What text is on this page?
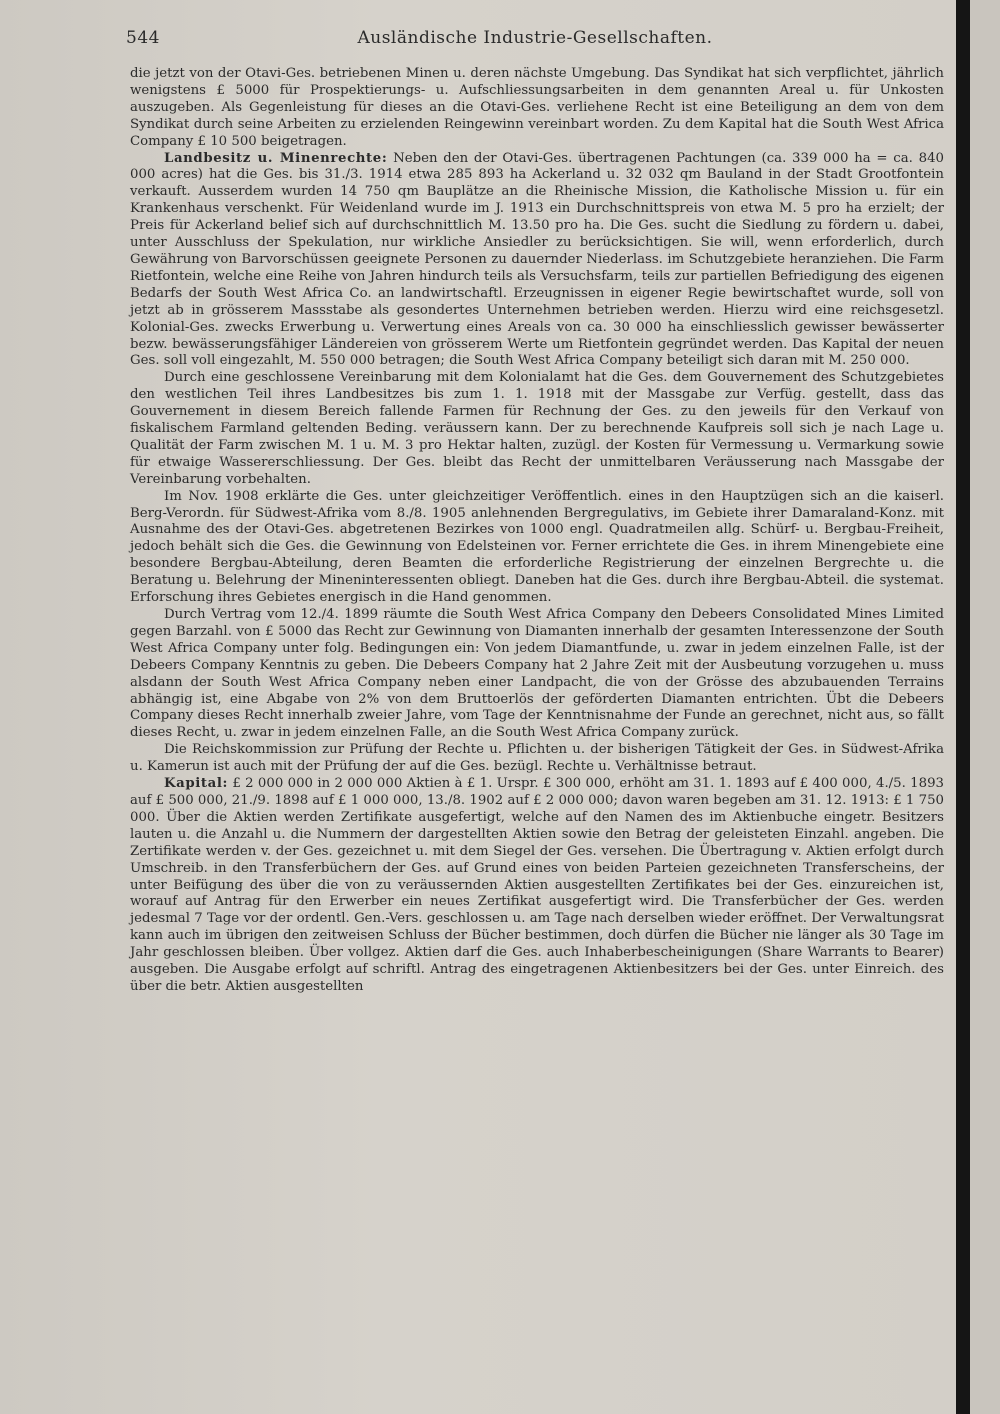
544	Ausländische Industrie-Gesellschaften.

die jetzt von der Otavi-Ges. betriebenen Minen u. deren nächste Umgebung. Das Syndikat hat sich verpflichtet, jährlich wenigstens £ 5000 für Prospektierungs- u. Aufschliessungsarbeiten in dem genannten Areal u. für Unkosten auszugeben. Als Gegenleistung für dieses an die Otavi-Ges. verliehene Recht ist eine Beteiligung an dem von dem Syndikat durch seine Arbeiten zu erzielenden Reingewinn vereinbart worden. Zu dem Kapital hat die South West Africa Company £ 10 500 beigetragen.

Landbesitz u. Minenrechte: Neben den der Otavi-Ges. übertragenen Pachtungen (ca. 339 000 ha = ca. 840 000 acres) hat die Ges. bis 31./3. 1914 etwa 285 893 ha Ackerland u. 32 032 qm Bauland in der Stadt Grootfontein verkauft. Ausserdem wurden 14 750 qm Bauplätze an die Rheinische Mission, die Katholische Mission u. für ein Krankenhaus verschenkt. Für Weidenland wurde im J. 1913 ein Durchschnittspreis von etwa M. 5 pro ha erzielt; der Preis für Ackerland belief sich auf durchschnittlich M. 13.50 pro ha. Die Ges. sucht die Siedlung zu fördern u. dabei, unter Ausschluss der Spekulation, nur wirkliche Ansiedler zu berücksichtigen. Sie will, wenn erforderlich, durch Gewährung von Barvorschüssen geeignete Personen zu dauernder Niederlass. im Schutzgebiete heranziehen. Die Farm Rietfontein, welche eine Reihe von Jahren hindurch teils als Versuchsfarm, teils zur partiellen Befriedigung des eigenen Bedarfs der South West Africa Co. an landwirtschaftl. Erzeugnissen in eigener Regie bewirtschaftet wurde, soll von jetzt ab in grösserem Massstabe als gesondertes Unternehmen betrieben werden. Hierzu wird eine reichsgesetzl. Kolonial-Ges. zwecks Erwerbung u. Verwertung eines Areals von ca. 30 000 ha einschliesslich gewisser bewässerter bezw. bewässerungsfähiger Ländereien von grösserem Werte um Rietfontein gegründet werden. Das Kapital der neuen Ges. soll voll eingezahlt, M. 550 000 betragen; die South West Africa Company beteiligt sich daran mit M. 250 000.

Durch eine geschlossene Vereinbarung mit dem Kolonialamt hat die Ges. dem Gouvernement des Schutzgebietes den westlichen Teil ihres Landbesitzes bis zum 1. 1. 1918 mit der Massgabe zur Verfüg. gestellt, dass das Gouvernement in diesem Bereich fallende Farmen für Rechnung der Ges. zu den jeweils für den Verkauf von fiskalischem Farmland geltenden Beding. veräussern kann. Der zu berechnende Kaufpreis soll sich je nach Lage u. Qualität der Farm zwischen M. 1 u. M. 3 pro Hektar halten, zuzügl. der Kosten für Vermessung u. Vermarkung sowie für etwaige Wassererschliessung. Der Ges. bleibt das Recht der unmittelbaren Veräusserung nach Massgabe der Vereinbarung vorbehalten.

Im Nov. 1908 erklärte die Ges. unter gleichzeitiger Veröffentlich. eines in den Hauptzügen sich an die kaiserl. Berg-Verordn. für Südwest-Afrika vom 8./8. 1905 anlehnenden Bergregulativs, im Gebiete ihrer Damaraland-Konz. mit Ausnahme des der Otavi-Ges. abgetretenen Bezirkes von 1000 engl. Quadratmeilen allg. Schürf- u. Bergbau-Freiheit, jedoch behält sich die Ges. die Gewinnung von Edelsteinen vor. Ferner errichtete die Ges. in ihrem Minengebiete eine besondere Bergbau-Abteilung, deren Beamten die erforderliche Registrierung der einzelnen Bergrechte u. die Beratung u. Belehrung der Mineninteressenten obliegt. Daneben hat die Ges. durch ihre Bergbau-Abteil. die systemat. Erforschung ihres Gebietes energisch in die Hand genommen.

Durch Vertrag vom 12./4. 1899 räumte die South West Africa Company den Debeers Consolidated Mines Limited gegen Barzahl. von £ 5000 das Recht zur Gewinnung von Diamanten innerhalb der gesamten Interessenzone der South West Africa Company unter folg. Bedingungen ein: Von jedem Diamantfunde, u. zwar in jedem einzelnen Falle, ist der Debeers Company Kenntnis zu geben. Die Debeers Company hat 2 Jahre Zeit mit der Ausbeutung vorzugehen u. muss alsdann der South West Africa Company neben einer Landpacht, die von der Grösse des abzubauenden Terrains abhängig ist, eine Abgabe von 2% von dem Bruttoerlös der geförderten Diamanten entrichten. Übt die Debeers Company dieses Recht innerhalb zweier Jahre, vom Tage der Kenntnisnahme der Funde an gerechnet, nicht aus, so fällt dieses Recht, u. zwar in jedem einzelnen Falle, an die South West Africa Company zurück.

Die Reichskommission zur Prüfung der Rechte u. Pflichten u. der bisherigen Tätigkeit der Ges. in Südwest-Afrika u. Kamerun ist auch mit der Prüfung der auf die Ges. bezügl. Rechte u. Verhältnisse betraut.

Kapital: £ 2 000 000 in 2 000 000 Aktien à £ 1. Urspr. £ 300 000, erhöht am 31. 1. 1893 auf £ 400 000, 4./5. 1893 auf £ 500 000, 21./9. 1898 auf £ 1 000 000, 13./8. 1902 auf £ 2 000 000; davon waren begeben am 31. 12. 1913: £ 1 750 000. Über die Aktien werden Zertifikate ausgefertigt, welche auf den Namen des im Aktienbuche eingetr. Besitzers lauten u. die Anzahl u. die Nummern der dargestellten Aktien sowie den Betrag der geleisteten Einzahl. angeben. Die Zertifikate werden v. der Ges. gezeichnet u. mit dem Siegel der Ges. versehen. Die Übertragung v. Aktien erfolgt durch Umschreib. in den Transferbüchern der Ges. auf Grund eines von beiden Parteien gezeichneten Transferscheins, der unter Beifügung des über die von zu veräussernden Aktien ausgestellten Zertifikates bei der Ges. einzureichen ist, worauf auf Antrag für den Erwerber ein neues Zertifikat ausgefertigt wird. Die Transferbücher der Ges. werden jedesmal 7 Tage vor der ordentl. Gen.-Vers. geschlossen u. am Tage nach derselben wieder eröffnet. Der Verwaltungsrat kann auch im übrigen den zeitweisen Schluss der Bücher bestimmen, doch dürfen die Bücher nie länger als 30 Tage im Jahr geschlossen bleiben. Über vollgez. Aktien darf die Ges. auch Inhaberbescheinigungen (Share Warrants to Bearer) ausgeben. Die Ausgabe erfolgt auf schriftl. Antrag des eingetragenen Aktienbesitzers bei der Ges. unter Einreich. des über die betr. Aktien ausgestellten
